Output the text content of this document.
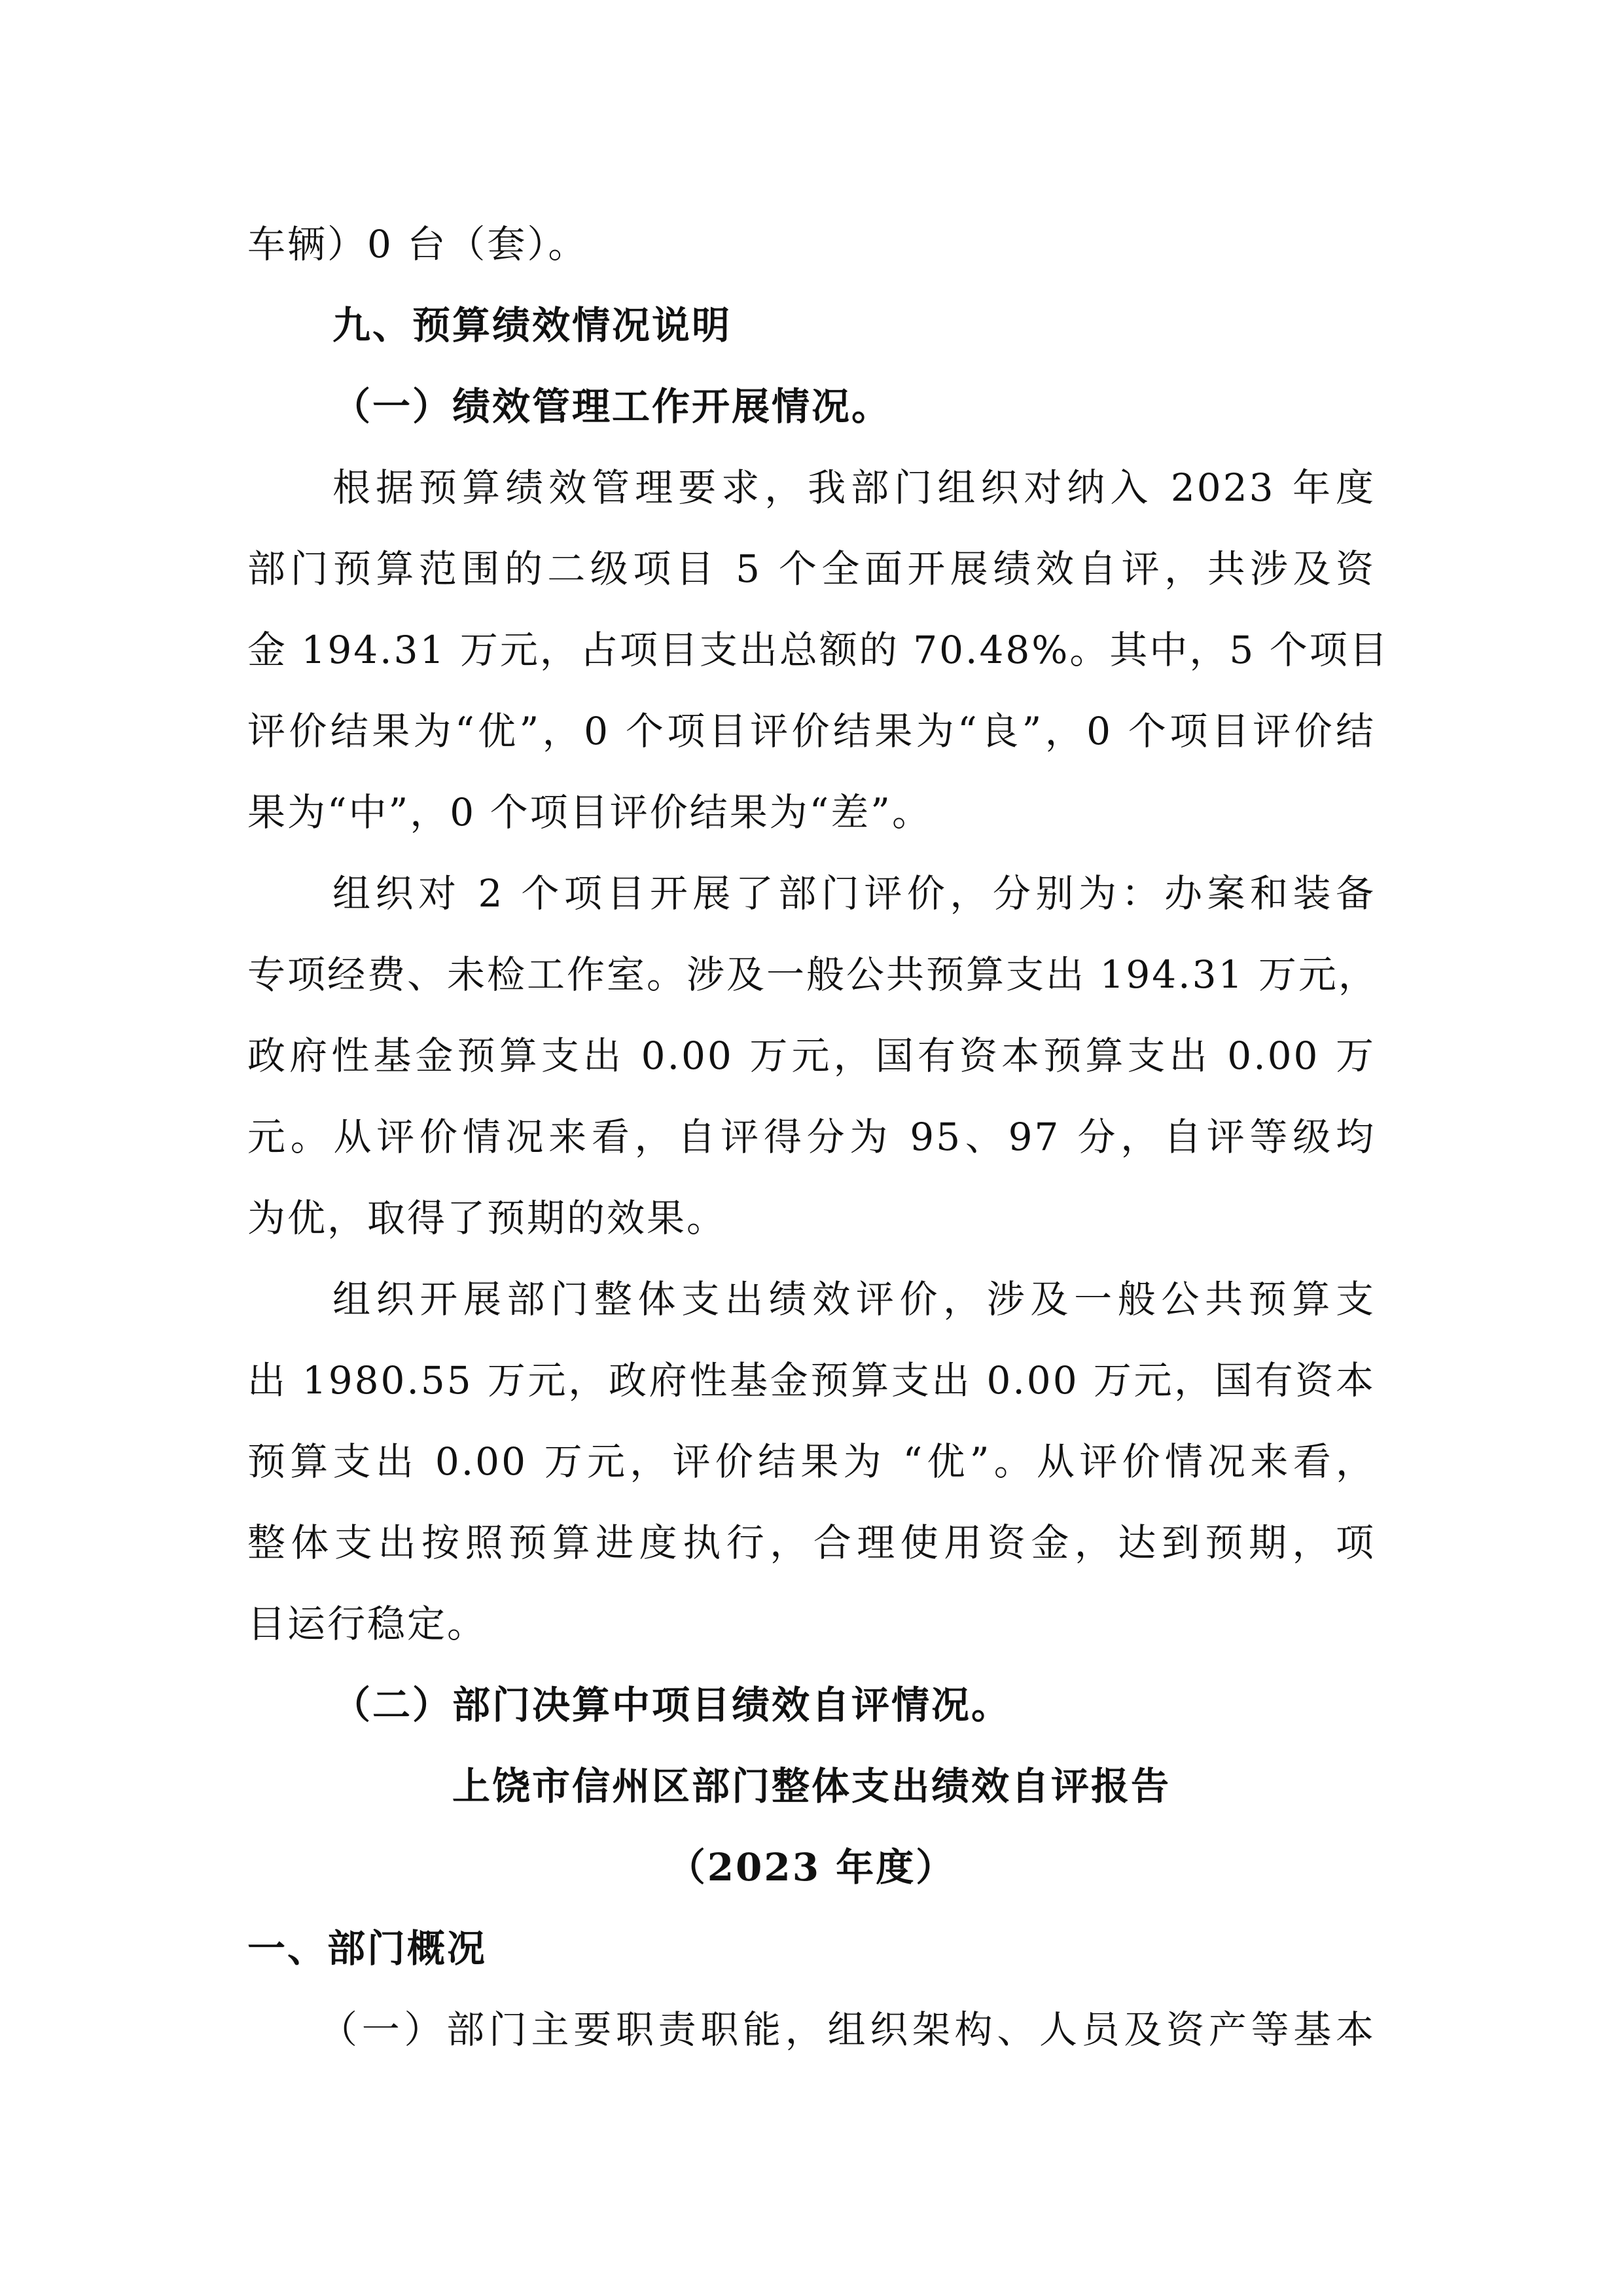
车辆）0 台（套）。
九、预算绩效情况说明
（一）绩效管理工作开展情况。
根据预算绩效管理要求，我部门组织对纳入 2023 年度
部门预算范围的二级项目 5 个全面开展绩效自评，共涉及资
金 194.31 万元，占项目支出总额的 70.48%。其中，5 个项目
评价结果为“优”，0 个项目评价结果为“良”，0 个项目评价结
果为“中”，0 个项目评价结果为“差”。
组织对 2 个项目开展了部门评价，分别为：办案和装备
专项经费、未检工作室。涉及一般公共预算支出 194.31 万元，
政府性基金预算支出 0.00 万元，国有资本预算支出 0.00 万
元。从评价情况来看，自评得分为 95、97 分，自评等级均
为优，取得了预期的效果。
组织开展部门整体支出绩效评价，涉及一般公共预算支
出 1980.55 万元，政府性基金预算支出 0.00 万元，国有资本
预算支出 0.00 万元，评价结果为 “优”。从评价情况来看，
整体支出按照预算进度执行，合理使用资金，达到预期，项
目运行稳定。
（二）部门决算中项目绩效自评情况。
上饶市信州区部门整体支出绩效自评报告
（2023 年度）
一、部门概况
（一）部门主要职责职能，组织架构、人员及资产等基本
